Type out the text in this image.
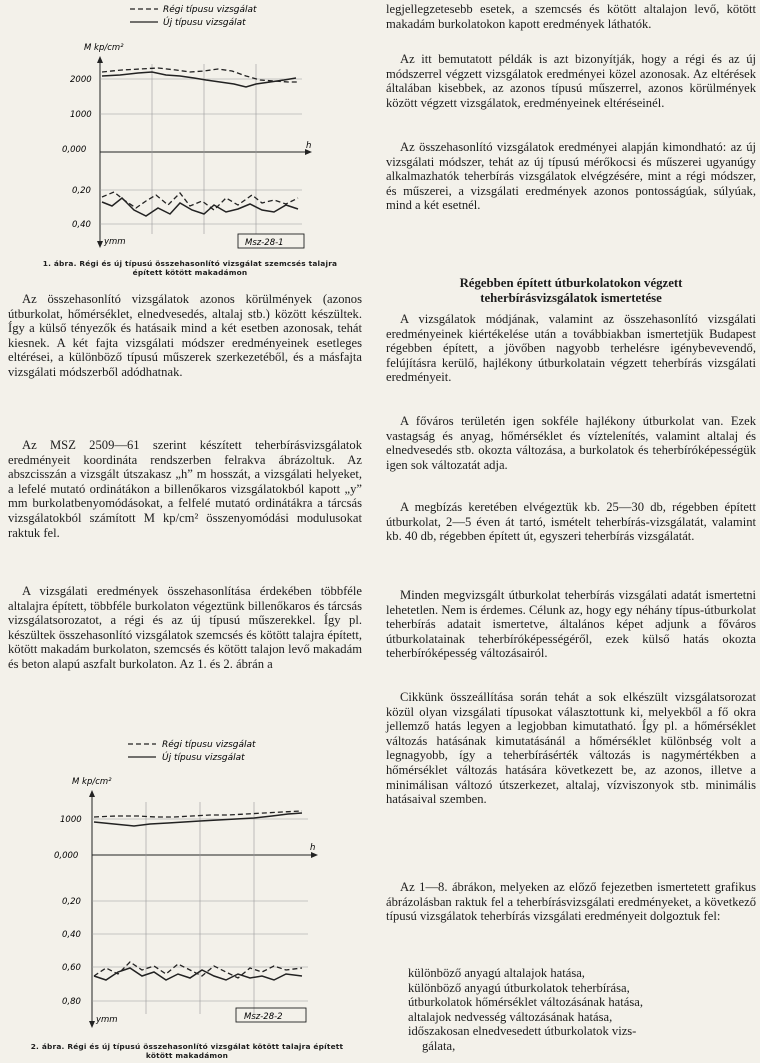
Régi típusu vizsgálat
Új típusu vizsgálat
M kp/cm²
h
2000
1000
0,000
0,20
0,40
ymm	Msz-28-1

1. ábra. Régi és új típusú összehasonlító vizsgálat szemcsés talajra
épített kötött makadámon

Az összehasonlító vizsgálatok azonos körülmények (azonos útburkolat, hőmérséklet, elnedvesedés, altalaj stb.) között készültek. Így a külső tényezők és hatásaik mind a két esetben azonosak, tehát kiesnek. A két fajta vizsgálati módszer eredményeinek esetleges eltérései, a különböző típusú műszerek szerkezetéből, és a másfajta vizsgálati módszerből adódhatnak.

Az MSZ 2509—61 szerint készített teherbírásvizsgálatok eredményeit koordináta rendszerben felrakva ábrázoltuk. Az abszcisszán a vizsgált útszakasz „h” m hosszát, a vizsgálati helyeket, a lefelé mutató ordinátákon a billenőkaros vizsgálatokból kapott „y” mm burkolatbenyomódásokat, a felfelé mutató ordinátákra a tárcsás vizsgálatokból számított M kp/cm² összenyomódási modulusokat raktuk fel.

A vizsgálati eredmények összehasonlítása érdekében többféle altalajra épített, többféle burkolaton végeztünk billenőkaros és tárcsás vizsgálatsorozatot, a régi és az új típusú műszerekkel. Így pl. készültek összehasonlító vizsgálatok szemcsés és kötött talajra épített, kötött makadám burkolaton, szemcsés és kötött talajon levő makadám és beton alapú aszfalt burkolaton. Az 1. és 2. ábrán a

Régi típusu vizsgálat
Új típusu vizsgálat
M kp/cm²
h
1000
0,000
0,20
0,40
0,60
0,80
ymm	Msz-28-2

2. ábra. Régi és új típusú összehasonlító vizsgálat kötött talajra épített
kötött makadámon

legjellegzetesebb esetek, a szemcsés és kötött altalajon levő, kötött makadám burkolatokon kapott eredmények láthatók.

Az itt bemutatott példák is azt bizonyítják, hogy a régi és az új módszerrel végzett vizsgálatok eredményei közel azonosak. Az eltérések általában kisebbek, az azonos típusú műszerrel, azonos körülmények között végzett vizsgálatok, eredményeinek eltéréseinél.

Az összehasonlító vizsgálatok eredményei alapján kimondható: az új vizsgálati módszer, tehát az új típusú mérőkocsi és műszerei ugyanúgy alkalmazhatók teherbírás vizsgálatok elvégzésére, mint a régi módszer, és műszerei, a vizsgálati eredmények azonos pontosságúak, súlyúak, mind a két esetnél.

Régebben épített útburkolatokon végzett
teherbírásvizsgálatok ismertetése

A vizsgálatok módjának, valamint az összehasonlító vizsgálati eredményeinek kiértékelése után a továbbiakban ismertetjük Budapest régebben épített, a jövőben nagyobb terhelésre igénybevevendő, felújításra kerülő, hajlékony útburkolatain végzett teherbírás vizsgálati eredményeit.

A főváros területén igen sokféle hajlékony útburkolat van. Ezek vastagság és anyag, hőmérséklet és víztelenítés, valamint altalaj és elnedvesedés stb. okozta változása, a burkolatok és teherbíróképességük igen sok változatát adja.

A megbízás keretében elvégeztük kb. 25—30 db, régebben épített útburkolat, 2—5 éven át tartó, ismételt teherbírás-vizsgálatát, valamint kb. 40 db, régebben épített út, egyszeri teherbírás vizsgálatát.

Minden megvizsgált útburkolat teherbírás vizsgálati adatát ismertetni lehetetlen. Nem is érdemes. Célunk az, hogy egy néhány típus-útburkolat teherbírás adatait ismertetve, általános képet adjunk a főváros útburkolatainak teherbíróképességéről, ezek külső hatás okozta teherbíróképesség változásairól.

Cikkünk összeállítása során tehát a sok elkészült vizsgálatsorozat közül olyan vizsgálati típusokat választottunk ki, melyekből a fő okra jellemző hatás legyen a legjobban kimutatható. Így pl. a hőmérséklet változás hatásának kimutatásánál a hőmérséklet különbség volt a legnagyobb, így a teherbírásérték változás is nagymértékben a hőmérséklet változás hatására következett be, az azonos, illetve a minimálisan változó útszerkezet, altalaj, vízviszonyok stb. minimális hatásaival szemben.

Az 1—8. ábrákon, melyeken az előző fejezetben ismertetett grafikus ábrázolásban raktuk fel a teherbírásvizsgálati eredményeket, a következő típusú vizsgálatok teherbírás vizsgálati eredményeit dolgoztuk fel:

különböző anyagú altalajok hatása,
különböző anyagú útburkolatok teherbírása,
útburkolatok hőmérséklet változásának hatása,
altalajok nedvesség változásának hatása,
időszakosan elnedvesedett útburkolatok vizs-
gálata,
